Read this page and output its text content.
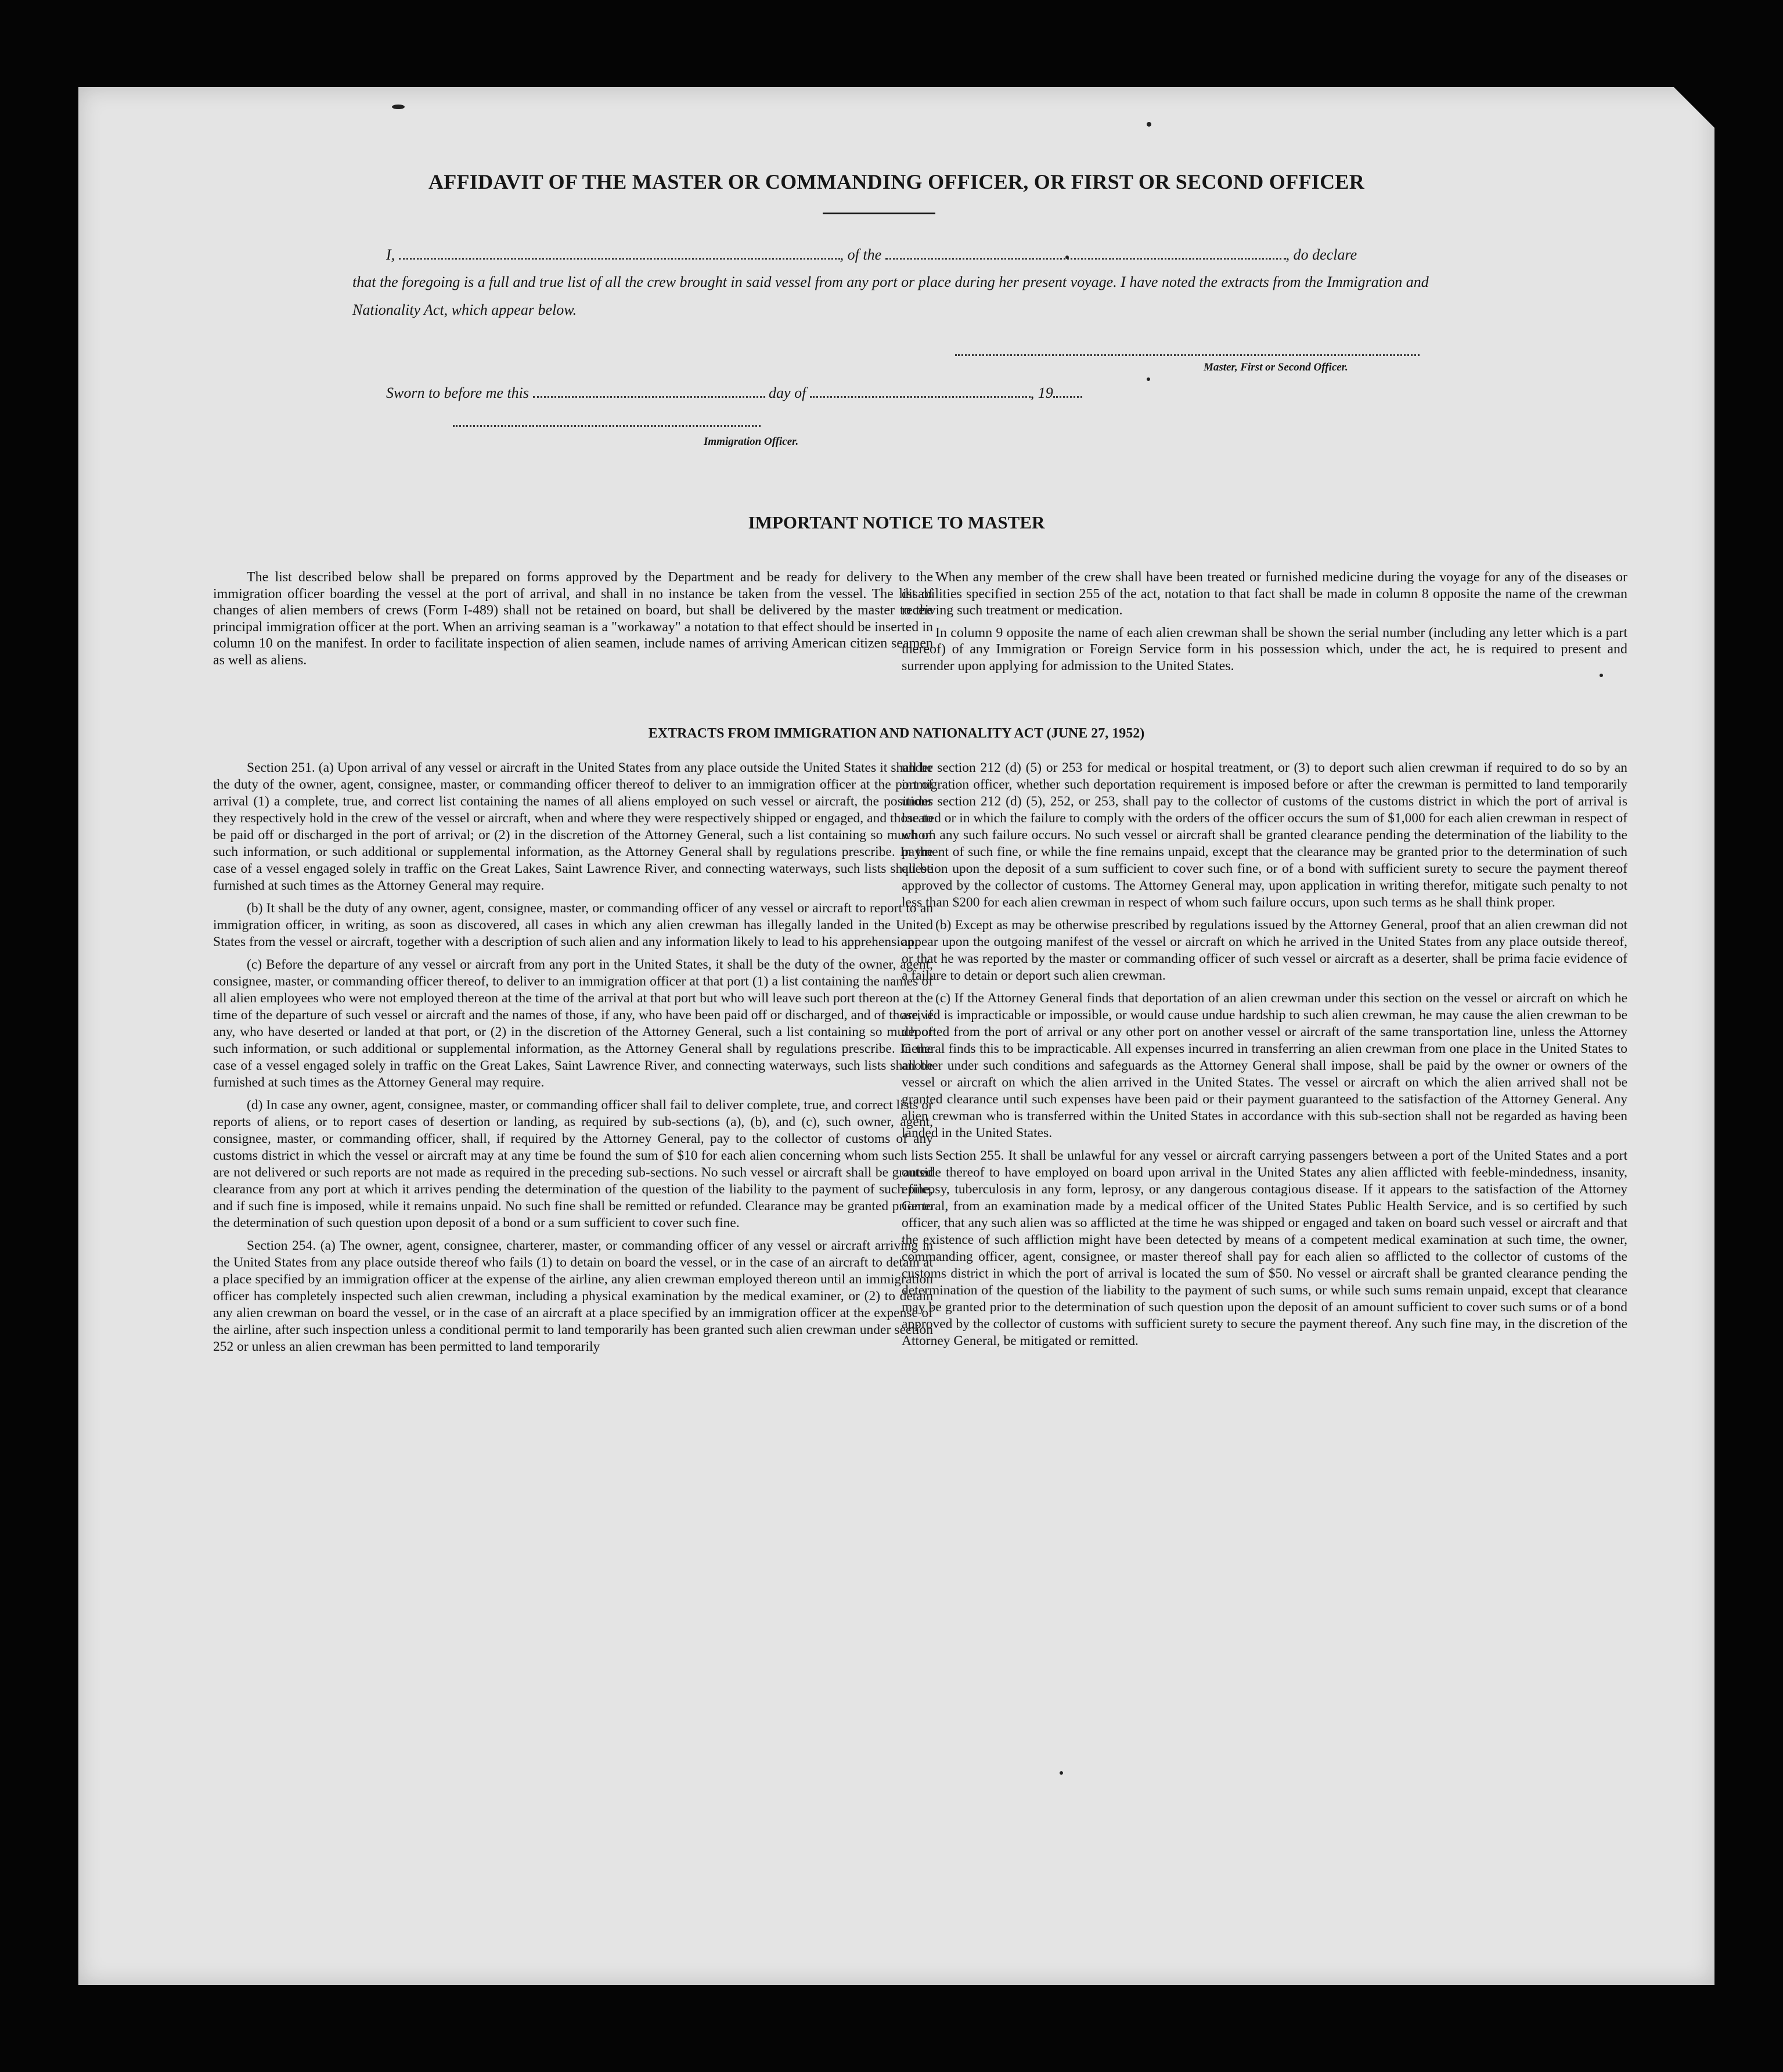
AFFIDAVIT OF THE MASTER OR COMMANDING OFFICER, OR FIRST OR SECOND OFFICER
I,	, of the	, do declare
that the foregoing is a full and true list of all the crew brought in said vessel from any port or place during her present voyage. I have noted the extracts from the Immigration and Nationality Act, which appear below.
Master, First or Second Officer.
Sworn to before me this	day of	, 19
Immigration Officer.
IMPORTANT NOTICE TO MASTER

The list described below shall be prepared on forms approved by the Department and be ready for delivery to the immigration officer boarding the vessel at the port of arrival, and shall in no instance be taken from the vessel. The list of changes of alien members of crews (Form I-489) shall not be retained on board, but shall be delivered by the master to the principal immigration officer at the port. When an arriving seaman is a "workaway" a notation to that effect should be inserted in column 10 on the manifest. In order to facilitate inspection of alien seamen, include names of arriving American citizen seamen as well as aliens.

When any member of the crew shall have been treated or furnished medicine during the voyage for any of the diseases or disabilities specified in section 255 of the act, notation to that fact shall be made in column 8 opposite the name of the crewman receiving such treatment or medication.

In column 9 opposite the name of each alien crewman shall be shown the serial number (including any letter which is a part thereof) of any Immigration or Foreign Service form in his possession which, under the act, he is required to present and surrender upon applying for admission to the United States.

EXTRACTS FROM IMMIGRATION AND NATIONALITY ACT (JUNE 27, 1952)

Section 251. (a) Upon arrival of any vessel or aircraft in the United States from any place outside the United States it shall be the duty of the owner, agent, consignee, master, or commanding officer thereof to deliver to an immigration officer at the port of arrival (1) a complete, true, and correct list containing the names of all aliens employed on such vessel or aircraft, the positions they respectively hold in the crew of the vessel or aircraft, when and where they were respectively shipped or engaged, and those to be paid off or discharged in the port of arrival; or (2) in the discretion of the Attorney General, such a list containing so much of such information, or such additional or supplemental information, as the Attorney General shall by regulations prescribe. In the case of a vessel engaged solely in traffic on the Great Lakes, Saint Lawrence River, and connecting waterways, such lists shall be furnished at such times as the Attorney General may require.

(b) It shall be the duty of any owner, agent, consignee, master, or commanding officer of any vessel or aircraft to report to an immigration officer, in writing, as soon as discovered, all cases in which any alien crewman has illegally landed in the United States from the vessel or aircraft, together with a description of such alien and any information likely to lead to his apprehension.

(c) Before the departure of any vessel or aircraft from any port in the United States, it shall be the duty of the owner, agent, consignee, master, or commanding officer thereof, to deliver to an immigration officer at that port (1) a list containing the names of all alien employees who were not employed thereon at the time of the arrival at that port but who will leave such port thereon at the time of the departure of such vessel or aircraft and the names of those, if any, who have been paid off or discharged, and of those, if any, who have deserted or landed at that port, or (2) in the discretion of the Attorney General, such a list containing so much of such information, or such additional or supplemental information, as the Attorney General shall by regulations prescribe. In the case of a vessel engaged solely in traffic on the Great Lakes, Saint Lawrence River, and connecting waterways, such lists shall be furnished at such times as the Attorney General may require.

(d) In case any owner, agent, consignee, master, or commanding officer shall fail to deliver complete, true, and correct lists or reports of aliens, or to report cases of desertion or landing, as required by sub-sections (a), (b), and (c), such owner, agent, consignee, master, or commanding officer, shall, if required by the Attorney General, pay to the collector of customs of any customs district in which the vessel or aircraft may at any time be found the sum of $10 for each alien concerning whom such lists are not delivered or such reports are not made as required in the preceding sub-sections. No such vessel or aircraft shall be granted clearance from any port at which it arrives pending the determination of the question of the liability to the payment of such fine, and if such fine is imposed, while it remains unpaid. No such fine shall be remitted or refunded. Clearance may be granted prior to the determination of such question upon deposit of a bond or a sum sufficient to cover such fine.

Section 254. (a) The owner, agent, consignee, charterer, master, or commanding officer of any vessel or aircraft arriving in the United States from any place outside thereof who fails (1) to detain on board the vessel, or in the case of an aircraft to detain at a place specified by an immigration officer at the expense of the airline, any alien crewman employed thereon until an immigration officer has completely inspected such alien crewman, including a physical examination by the medical examiner, or (2) to detain any alien crewman on board the vessel, or in the case of an aircraft at a place specified by an immigration officer at the expense of the airline, after such inspection unless a conditional permit to land temporarily has been granted such alien crewman under section 252 or unless an alien crewman has been permitted to land temporarily

under section 212 (d) (5) or 253 for medical or hospital treatment, or (3) to deport such alien crewman if required to do so by an immigration officer, whether such deportation requirement is imposed before or after the crewman is permitted to land temporarily under section 212 (d) (5), 252, or 253, shall pay to the collector of customs of the customs district in which the port of arrival is located or in which the failure to comply with the orders of the officer occurs the sum of $1,000 for each alien crewman in respect of whom any such failure occurs. No such vessel or aircraft shall be granted clearance pending the determination of the liability to the payment of such fine, or while the fine remains unpaid, except that the clearance may be granted prior to the determination of such question upon the deposit of a sum sufficient to cover such fine, or of a bond with sufficient surety to secure the payment thereof approved by the collector of customs. The Attorney General may, upon application in writing therefor, mitigate such penalty to not less than $200 for each alien crewman in respect of whom such failure occurs, upon such terms as he shall think proper.

(b) Except as may be otherwise prescribed by regulations issued by the Attorney General, proof that an alien crewman did not appear upon the outgoing manifest of the vessel or aircraft on which he arrived in the United States from any place outside thereof, or that he was reported by the master or commanding officer of such vessel or aircraft as a deserter, shall be prima facie evidence of a failure to detain or deport such alien crewman.

(c) If the Attorney General finds that deportation of an alien crewman under this section on the vessel or aircraft on which he arrived is impracticable or impossible, or would cause undue hardship to such alien crewman, he may cause the alien crewman to be deported from the port of arrival or any other port on another vessel or aircraft of the same transportation line, unless the Attorney General finds this to be impracticable. All expenses incurred in transferring an alien crewman from one place in the United States to another under such conditions and safeguards as the Attorney General shall impose, shall be paid by the owner or owners of the vessel or aircraft on which the alien arrived in the United States. The vessel or aircraft on which the alien arrived shall not be granted clearance until such expenses have been paid or their payment guaranteed to the satisfaction of the Attorney General. Any alien crewman who is transferred within the United States in accordance with this sub-section shall not be regarded as having been landed in the United States.

Section 255. It shall be unlawful for any vessel or aircraft carrying passengers between a port of the United States and a port outside thereof to have employed on board upon arrival in the United States any alien afflicted with feeble-mindedness, insanity, epilepsy, tuberculosis in any form, leprosy, or any dangerous contagious disease. If it appears to the satisfaction of the Attorney General, from an examination made by a medical officer of the United States Public Health Service, and is so certified by such officer, that any such alien was so afflicted at the time he was shipped or engaged and taken on board such vessel or aircraft and that the existence of such affliction might have been detected by means of a competent medical examination at such time, the owner, commanding officer, agent, consignee, or master thereof shall pay for each alien so afflicted to the collector of customs of the customs district in which the port of arrival is located the sum of $50. No vessel or aircraft shall be granted clearance pending the determination of the question of the liability to the payment of such sums, or while such sums remain unpaid, except that clearance may be granted prior to the determination of such question upon the deposit of an amount sufficient to cover such sums or of a bond approved by the collector of customs with sufficient surety to secure the payment thereof. Any such fine may, in the discretion of the Attorney General, be mitigated or remitted.
